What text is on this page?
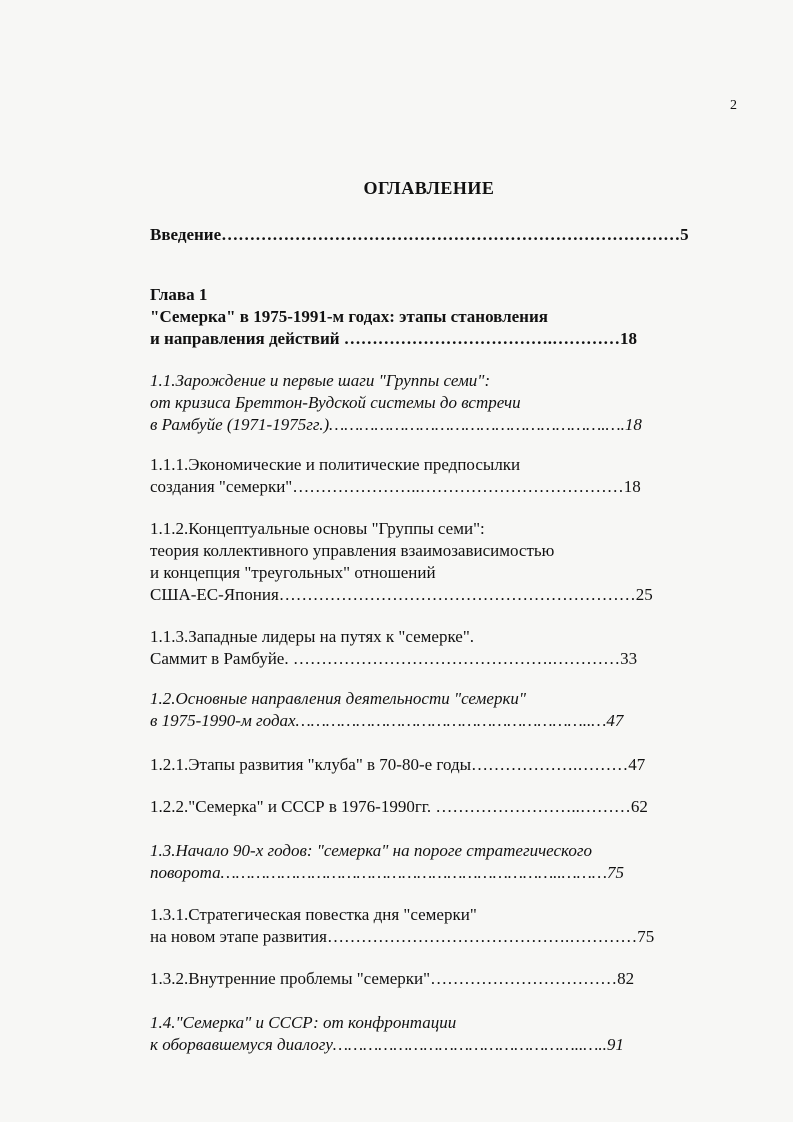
2
ОГЛАВЛЕНИЕ
Введение………………………………………………………………………5
Глава 1
"Семерка" в 1975-1991-м годах: этапы становления
и направления действий ……………………………….…………18
1.1.Зарождение и первые шаги "Группы семи":
от кризиса Бреттон-Вудской системы до встречи
в Рамбуйе (1971-1975гг.)……………………………………………….….18
1.1.1.Экономические и политические предпосылки
создания "семерки"…………………..………………………………18
1.1.2.Концептуальные основы "Группы семи":
теория коллективного управления взаимозависимостью
и концепция "треугольных" отношений
США-ЕС-Япония………………………………………………………25
1.1.3.Западные лидеры на путях к "семерке".
Саммит в Рамбуйе. ……………………………………….…………33
1.2.Основные направления деятельности "семерки"
в 1975-1990-м годах…………………………………………………..…47
1.2.1.Этапы развития "клуба" в 70-80-е годы……………….………47
1.2.2."Семерка" и СССР в 1976-1990гг. ……………………..………62
1.3.Начало 90-х годов: "семерка" на пороге стратегического
поворота…………………………………………………………..………75
1.3.1.Стратегическая повестка дня "семерки"
на новом этапе развития…………………………………….…………75
1.3.2.Внутренние проблемы "семерки"……………………………82
1.4."Семерка" и СССР: от конфронтации
к оборвавшемуся диалогу…………………………………………..…..91
